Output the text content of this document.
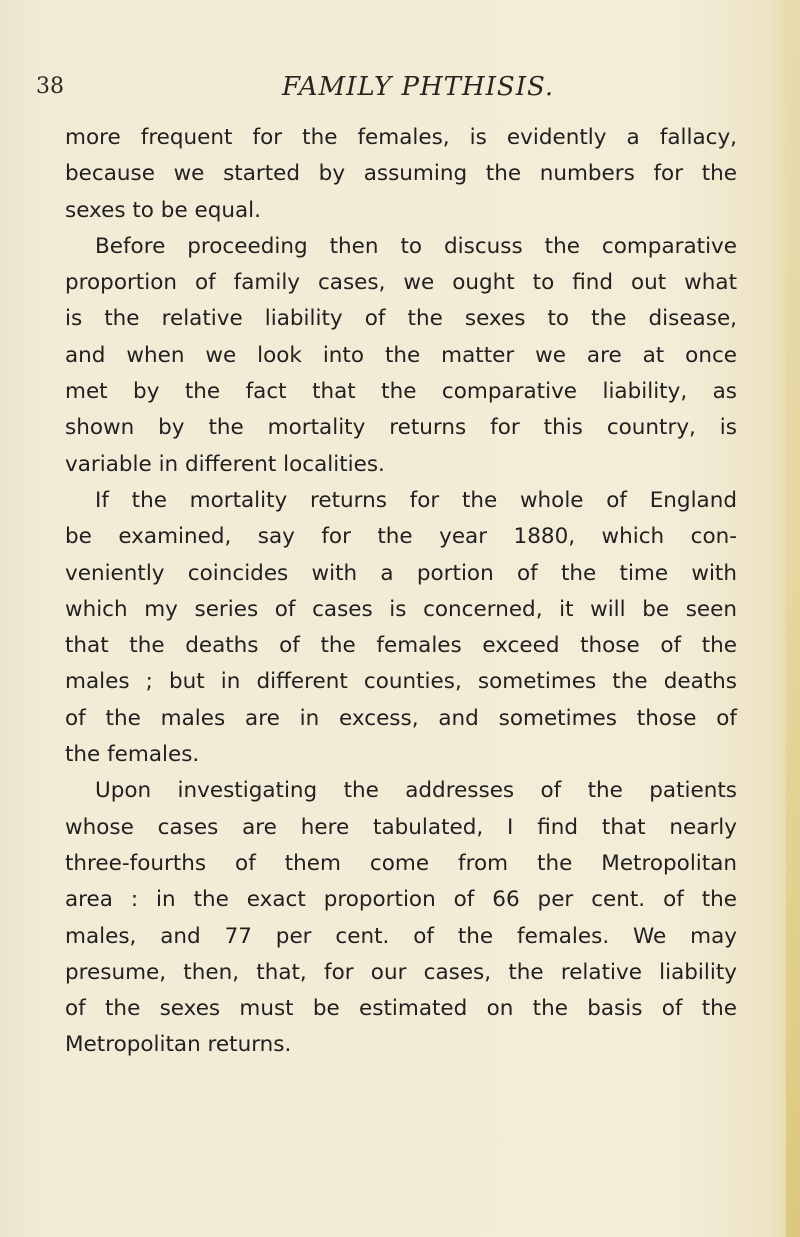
38	FAMILY PHTHISIS.
more frequent for the females, is evidently a fallacy,
because we started by assuming the numbers for the
sexes to be equal.
Before proceeding then to discuss the comparative
proportion of family cases, we ought to find out what
is the relative liability of the sexes to the disease,
and when we look into the matter we are at once
met by the fact that the comparative liability, as
shown by the mortality returns for this country, is
variable in different localities.
If the mortality returns for the whole of England
be examined, say for the year 1880, which con-
veniently coincides with a portion of the time with
which my series of cases is concerned, it will be seen
that the deaths of the females exceed those of the
males ; but in different counties, sometimes the deaths
of the males are in excess, and sometimes those of
the females.
Upon investigating the addresses of the patients
whose cases are here tabulated, I find that nearly
three-fourths of them come from the Metropolitan
area : in the exact proportion of 66 per cent. of the
males, and 77 per cent. of the females. We may
presume, then, that, for our cases, the relative liability
of the sexes must be estimated on the basis of the
Metropolitan returns.
